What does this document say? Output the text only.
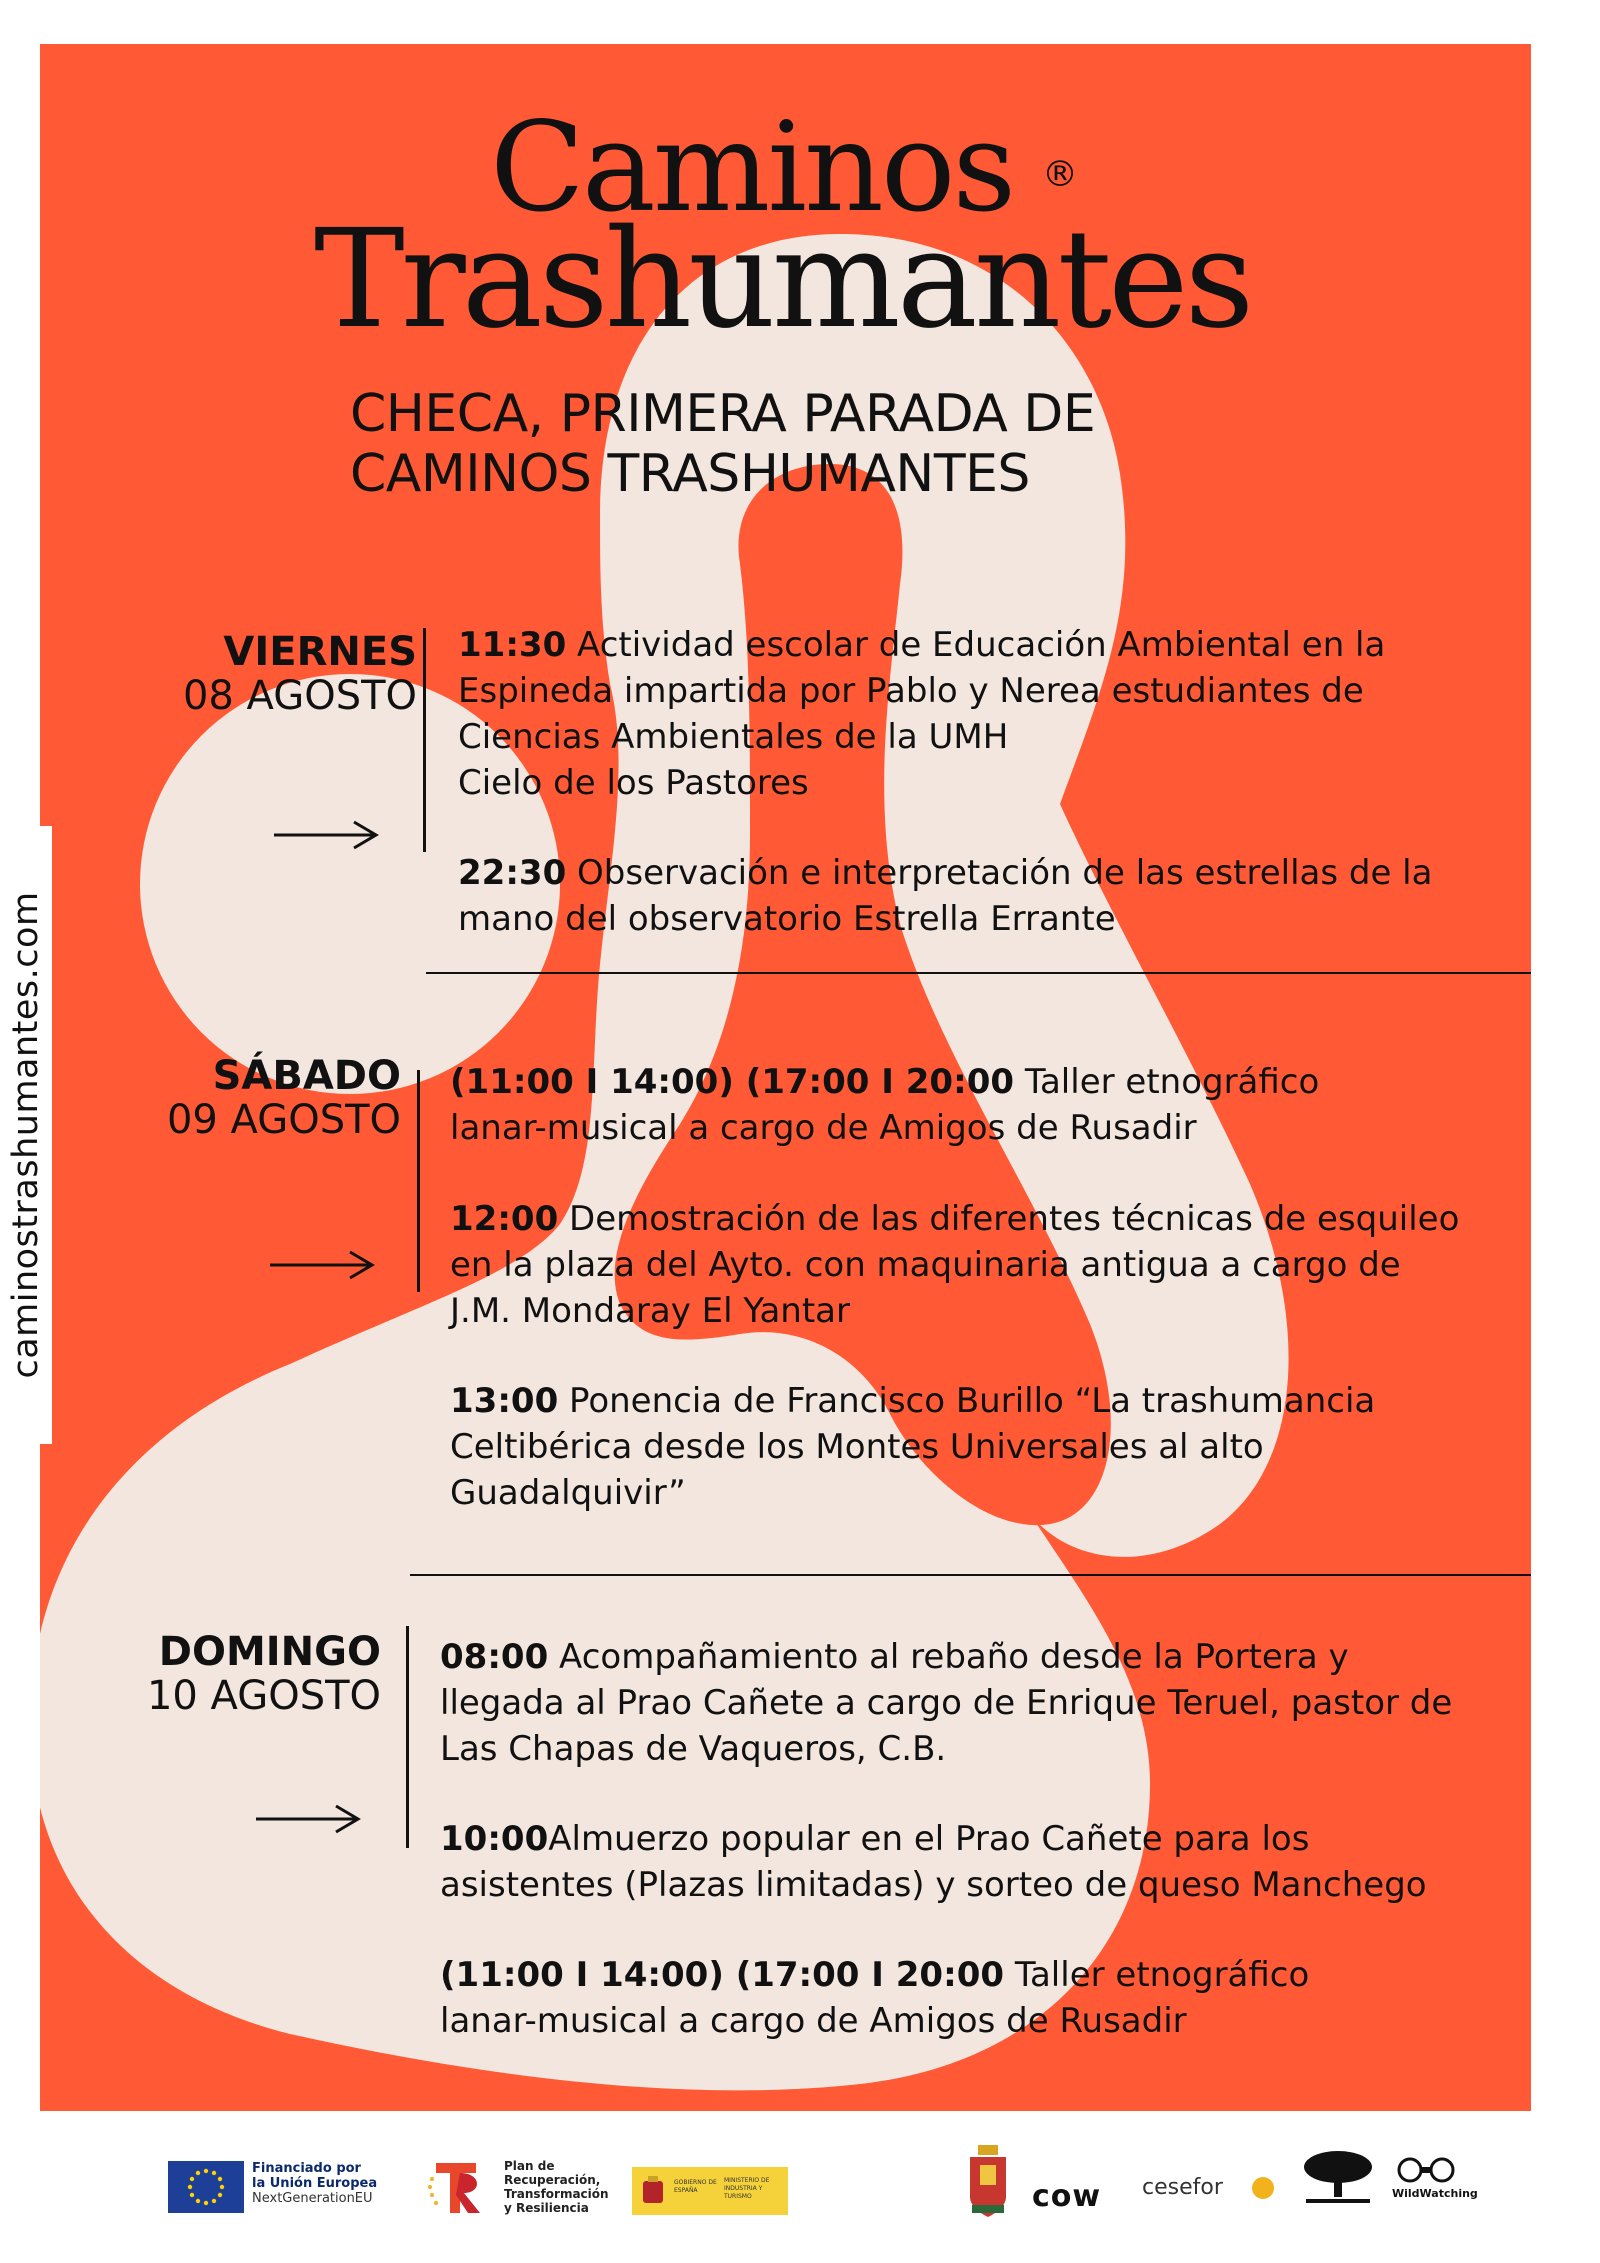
Caminos
Trashumantes
®
CHECA, PRIMERA PARADA DE
CAMINOS TRASHUMANTES
VIERNES
08 AGOSTO
11:30 Actividad escolar de Educación Ambiental en la
Espineda impartida por Pablo y Nerea estudiantes de
Ciencias Ambientales de la UMH
Cielo de los Pastores
22:30 Observación e interpretación de las estrellas de la
mano del observatorio Estrella Errante
SÁBADO
09 AGOSTO
(11:00 I 14:00) (17:00 I 20:00 Taller etnográfico
lanar-musical a cargo de Amigos de Rusadir
12:00 Demostración de las diferentes técnicas de esquileo
en la plaza del Ayto. con maquinaria antigua a cargo de
J.M. Mondaray El Yantar
13:00 Ponencia de Francisco Burillo “La trashumancia
Celtibérica desde los Montes Universales al alto
Guadalquivir”
DOMINGO
10 AGOSTO
08:00 Acompañamiento al rebaño desde la Portera y
llegada al Prao Cañete a cargo de Enrique Teruel, pastor de
Las Chapas de Vaqueros, C.B.
10:00Almuerzo popular en el Prao Cañete para los
asistentes (Plazas limitadas) y sorteo de queso Manchego
(11:00 I 14:00) (17:00 I 20:00 Taller etnográfico
lanar-musical a cargo de Amigos de Rusadir
caminostrashumantes.com
Financiado por
la Unión Europea
NextGenerationEU
Plan de
Recuperación,
Transformación
y Resiliencia
GOBIERNO DE ESPAÑA
MINISTERIO DE INDUSTRIA Y TURISMO	cow cesefor	WildWatching
